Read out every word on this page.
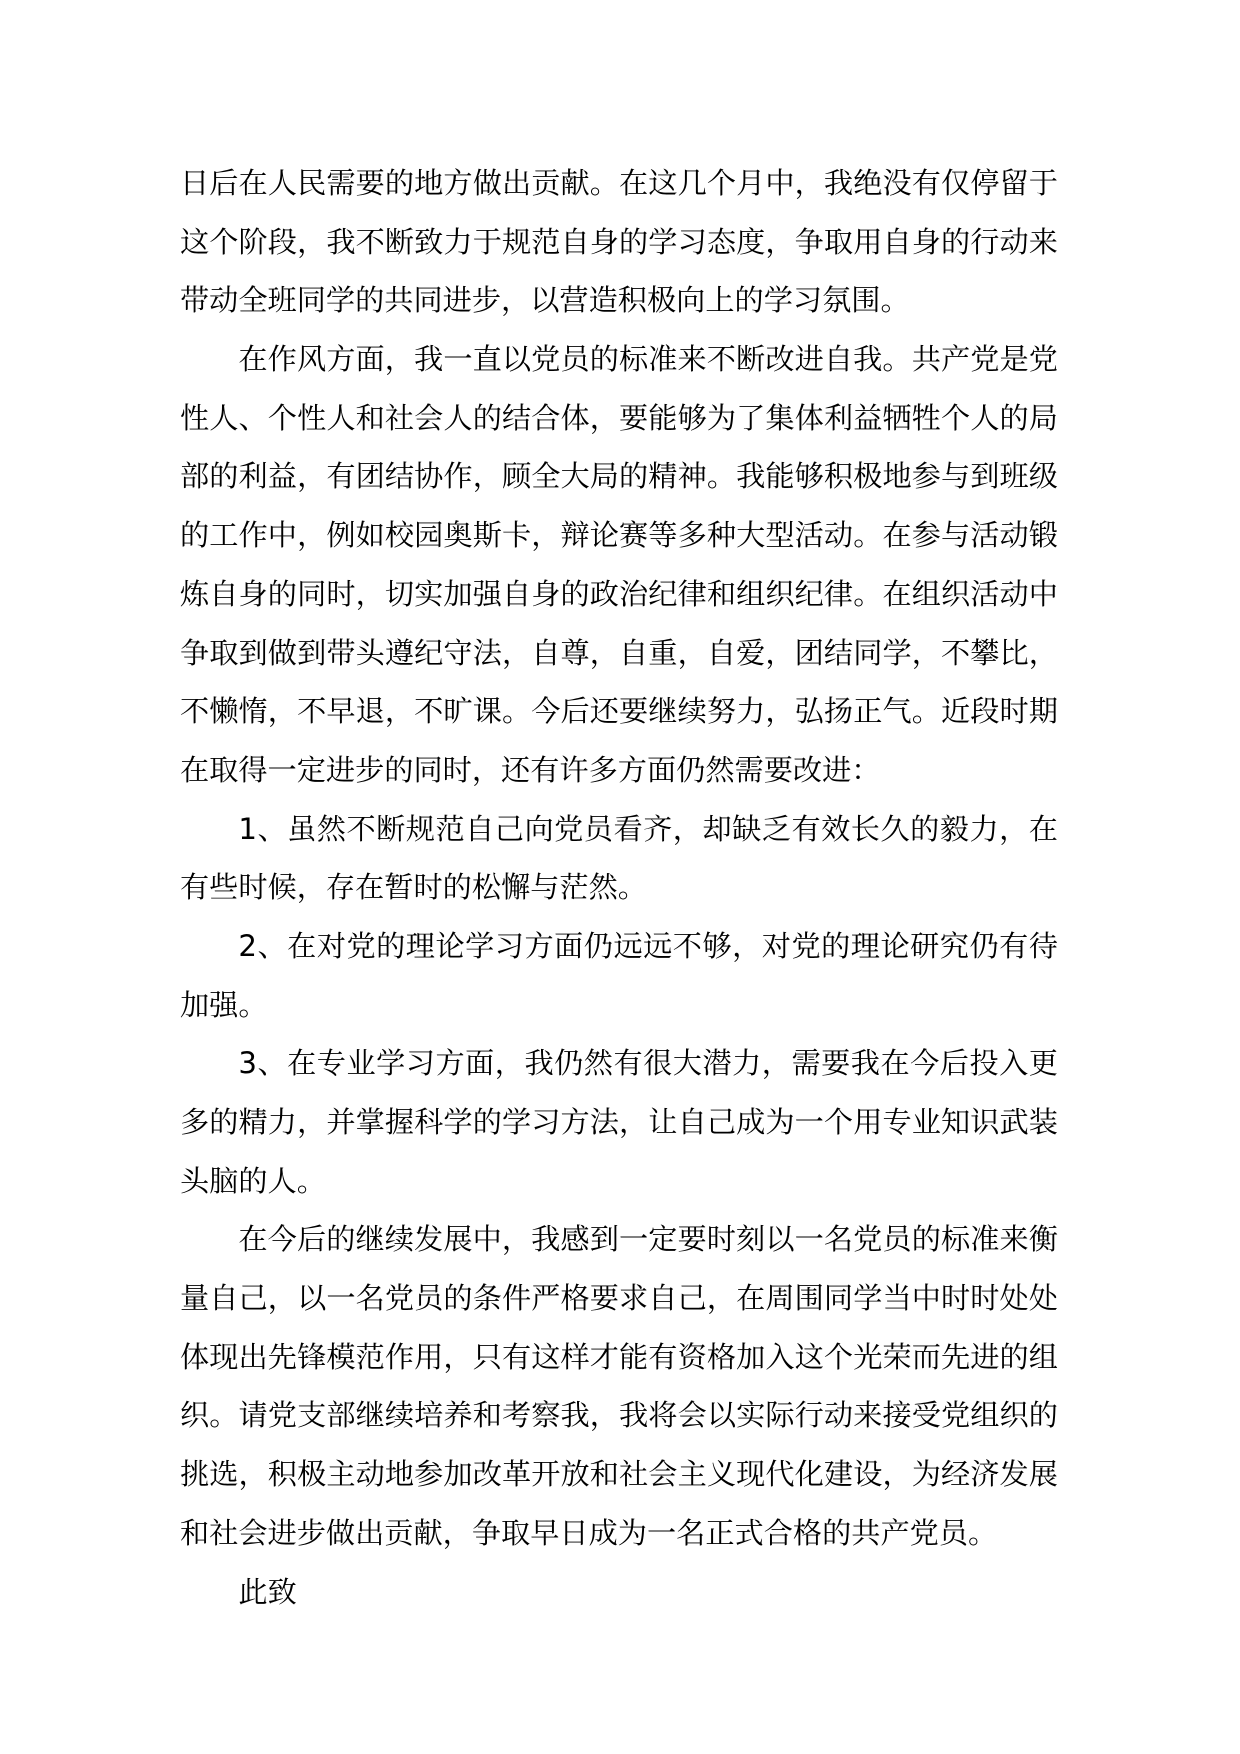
日后在人民需要的地方做出贡献。在这几个月中，我绝没有仅停留于
这个阶段，我不断致力于规范自身的学习态度，争取用自身的行动来
带动全班同学的共同进步，以营造积极向上的学习氛围。
在作风方面，我一直以党员的标准来不断改进自我。共产党是党
性人、个性人和社会人的结合体，要能够为了集体利益牺牲个人的局
部的利益，有团结协作，顾全大局的精神。我能够积极地参与到班级
的工作中，例如校园奥斯卡，辩论赛等多种大型活动。在参与活动锻
炼自身的同时，切实加强自身的政治纪律和组织纪律。在组织活动中
争取到做到带头遵纪守法，自尊，自重，自爱，团结同学，不攀比，
不懒惰，不早退，不旷课。今后还要继续努力，弘扬正气。近段时期
在取得一定进步的同时，还有许多方面仍然需要改进：
1、虽然不断规范自己向党员看齐，却缺乏有效长久的毅力，在
有些时候，存在暂时的松懈与茫然。
2、在对党的理论学习方面仍远远不够，对党的理论研究仍有待
加强。
3、在专业学习方面，我仍然有很大潜力，需要我在今后投入更
多的精力，并掌握科学的学习方法，让自己成为一个用专业知识武装
头脑的人。
在今后的继续发展中，我感到一定要时刻以一名党员的标准来衡
量自己，以一名党员的条件严格要求自己，在周围同学当中时时处处
体现出先锋模范作用，只有这样才能有资格加入这个光荣而先进的组
织。请党支部继续培养和考察我，我将会以实际行动来接受党组织的
挑选，积极主动地参加改革开放和社会主义现代化建设，为经济发展
和社会进步做出贡献，争取早日成为一名正式合格的共产党员。
此致
